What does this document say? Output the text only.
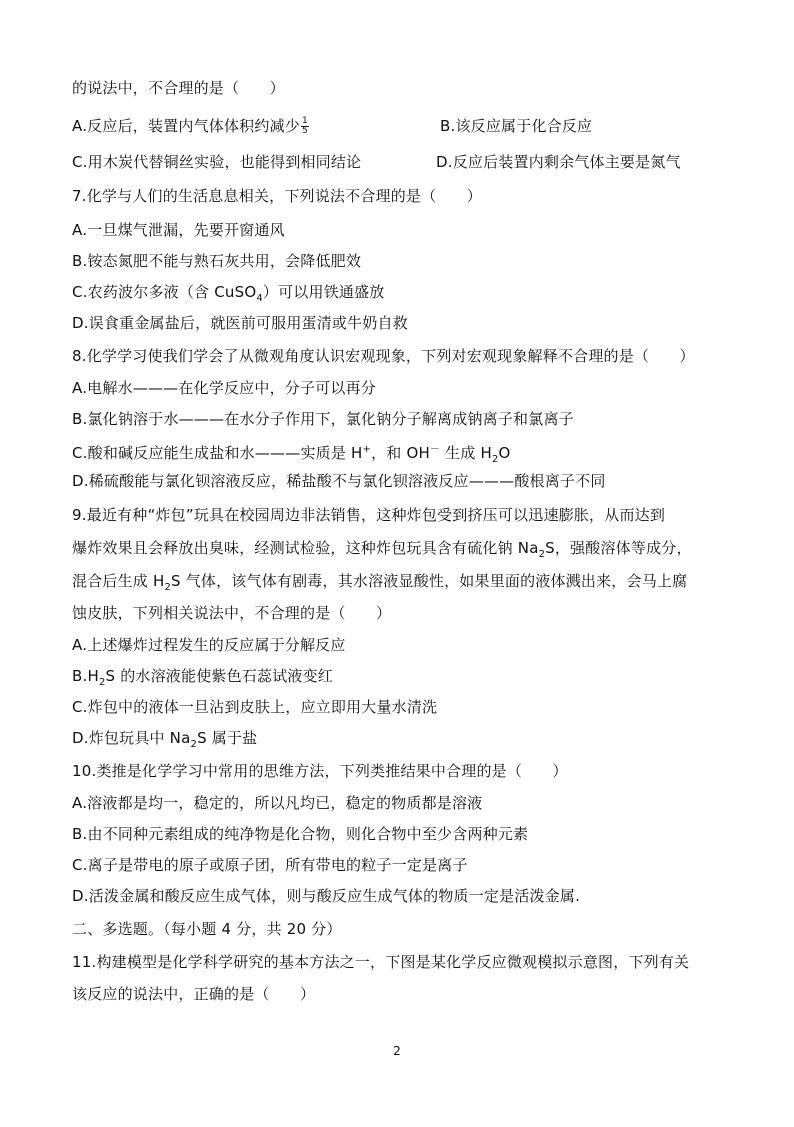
的说法中，不合理的是（　　）
A.反应后，装置内气体体积约减少 $\frac{1}{5}$	B.该反应属于化合反应
C.用木炭代替铜丝实验，也能得到相同结论	D.反应后装置内剩余气体主要是氮气
7.化学与人们的生活息息相关，下列说法不合理的是（　　）
A.一旦煤气泄漏，先要开窗通风
B.铵态氮肥不能与熟石灰共用，会降低肥效
C.农药波尔多液（含 CuSO$_4$）可以用铁通盛放
D.误食重金属盐后，就医前可服用蛋清或牛奶自救
8.化学学习使我们学会了从微观角度认识宏观现象，下列对宏观现象解释不合理的是（　　）
A.电解水———在化学反应中，分子可以再分
B.氯化钠溶于水———在水分子作用下，氯化钠分子解离成钠离子和氯离子
C.酸和碱反应能生成盐和水———实质是 H+，和 OH－ 生成 $H_2O$
D.稀硫酸能与氯化钡溶液反应，稀盐酸不与氯化钡溶液反应———酸根离子不同
9.最近有种“炸包”玩具在校园周边非法销售，这种炸包受到挤压可以迅速膨胀，从而达到
爆炸效果且会释放出臭味，经测试检验，这种炸包玩具含有硫化钠 $Na_2S$，强酸溶体等成分，
混合后生成 $H_2S$ 气体，该气体有剧毒，其水溶液显酸性，如果里面的液体溅出来，会马上腐
蚀皮肤，下列相关说法中，不合理的是（　　）
A.上述爆炸过程发生的反应属于分解反应
$B.H_2S$ 的水溶液能使紫色石蕊试液变红
C.炸包中的液体一旦沾到皮肤上，应立即用大量水清洗
D.炸包玩具中 $Na_2S$ 属于盐
10.类推是化学学习中常用的思维方法，下列类推结果中合理的是（　　）
A.溶液都是均一，稳定的，所以凡均已，稳定的物质都是溶液
B.由不同种元素组成的纯净物是化合物，则化合物中至少含两种元素
C.离子是带电的原子或原子团，所有带电的粒子一定是离子
D.活泼金属和酸反应生成气体，则与酸反应生成气体的物质一定是活泼金属.
二、多选题。（每小题 4 分，共 20 分）
11.构建模型是化学科学研究的基本方法之一，下图是某化学反应微观模拟示意图，下列有关
该反应的说法中，正确的是（　　）
2
